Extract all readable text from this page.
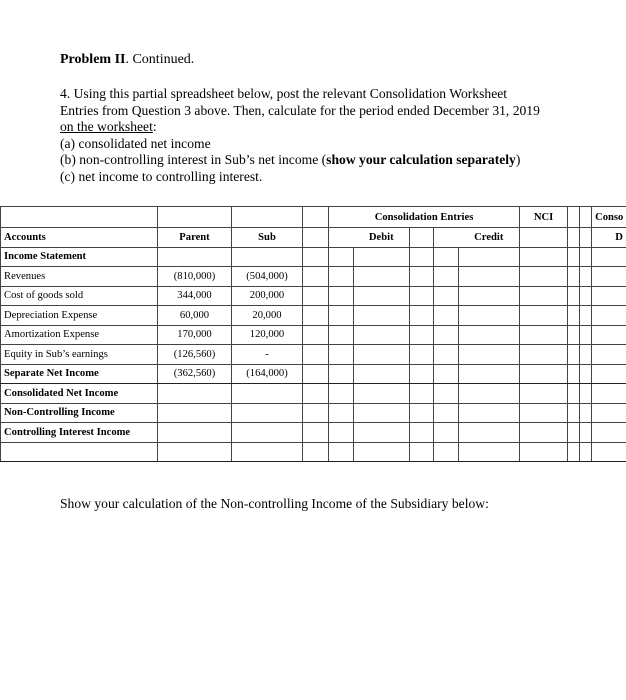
Problem II. Continued.
4. Using this partial spreadsheet below, post the relevant Consolidation Worksheet
Entries from Question 3 above. Then, calculate for the period ended December 31, 2019
on the worksheet:
(a) consolidated net income
(b) non-controlling interest in Sub’s net income (show your calculation separately)
(c) net income to controlling interest.
				Consolidation Entries					NCI			Conso
Accounts	Parent	Sub			Debit			Credit				D
Income Statement												
Revenues	(810,000)	(504,000)										
Cost of goods sold	344,000	200,000										
Depreciation Expense	60,000	20,000										
Amortization Expense	170,000	120,000										
Equity in Sub’s earnings	(126,560)	-										
Separate Net Income	(362,560)	(164,000)										
Consolidated Net Income												
Non-Controlling Income												
Controlling Interest Income												

Show your calculation of the Non-controlling Income of the Subsidiary below:
